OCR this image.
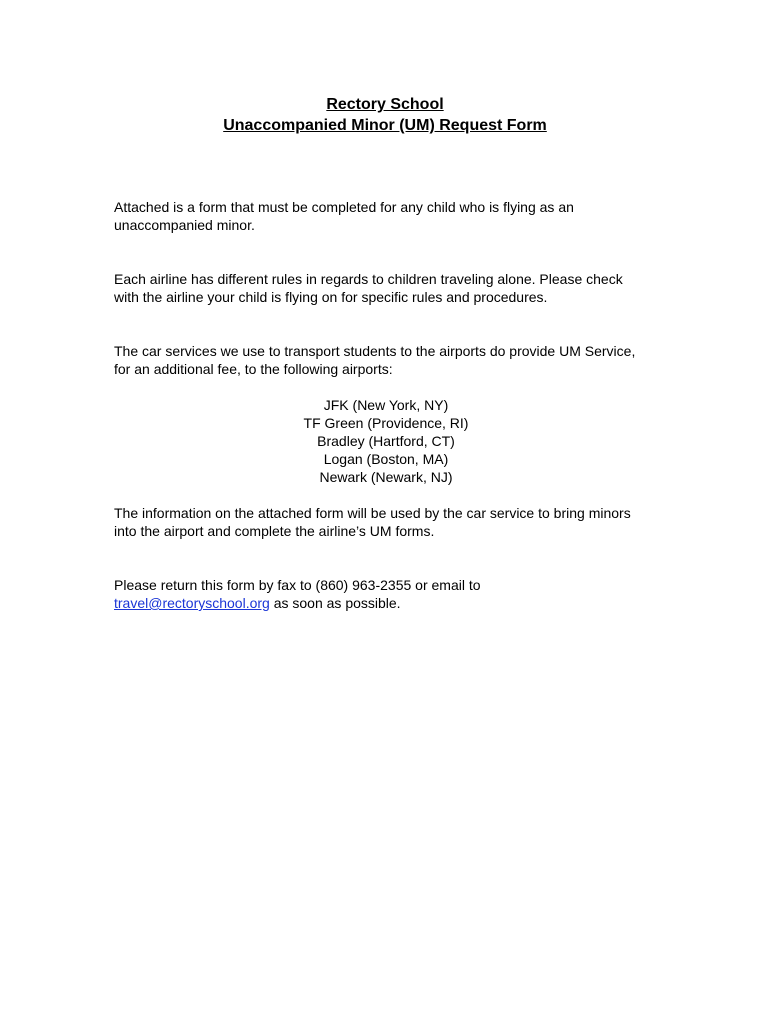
Rectory School

Unaccompanied Minor (UM) Request Form

Attached is a form that must be completed for any child who is flying as an unaccompanied minor.

Each airline has different rules in regards to children traveling alone. Please check with the airline your child is flying on for specific rules and procedures.

The car services we use to transport students to the airports do provide UM Service, for an additional fee, to the following airports:

JFK (New York, NY)
TF Green (Providence, RI)
Bradley (Hartford, CT)
Logan (Boston, MA)
Newark (Newark, NJ)

The information on the attached form will be used by the car service to bring minors into the airport and complete the airline’s UM forms.

Please return this form by fax to (860) 963-2355 or email to
travel@rectoryschool.org as soon as possible.
